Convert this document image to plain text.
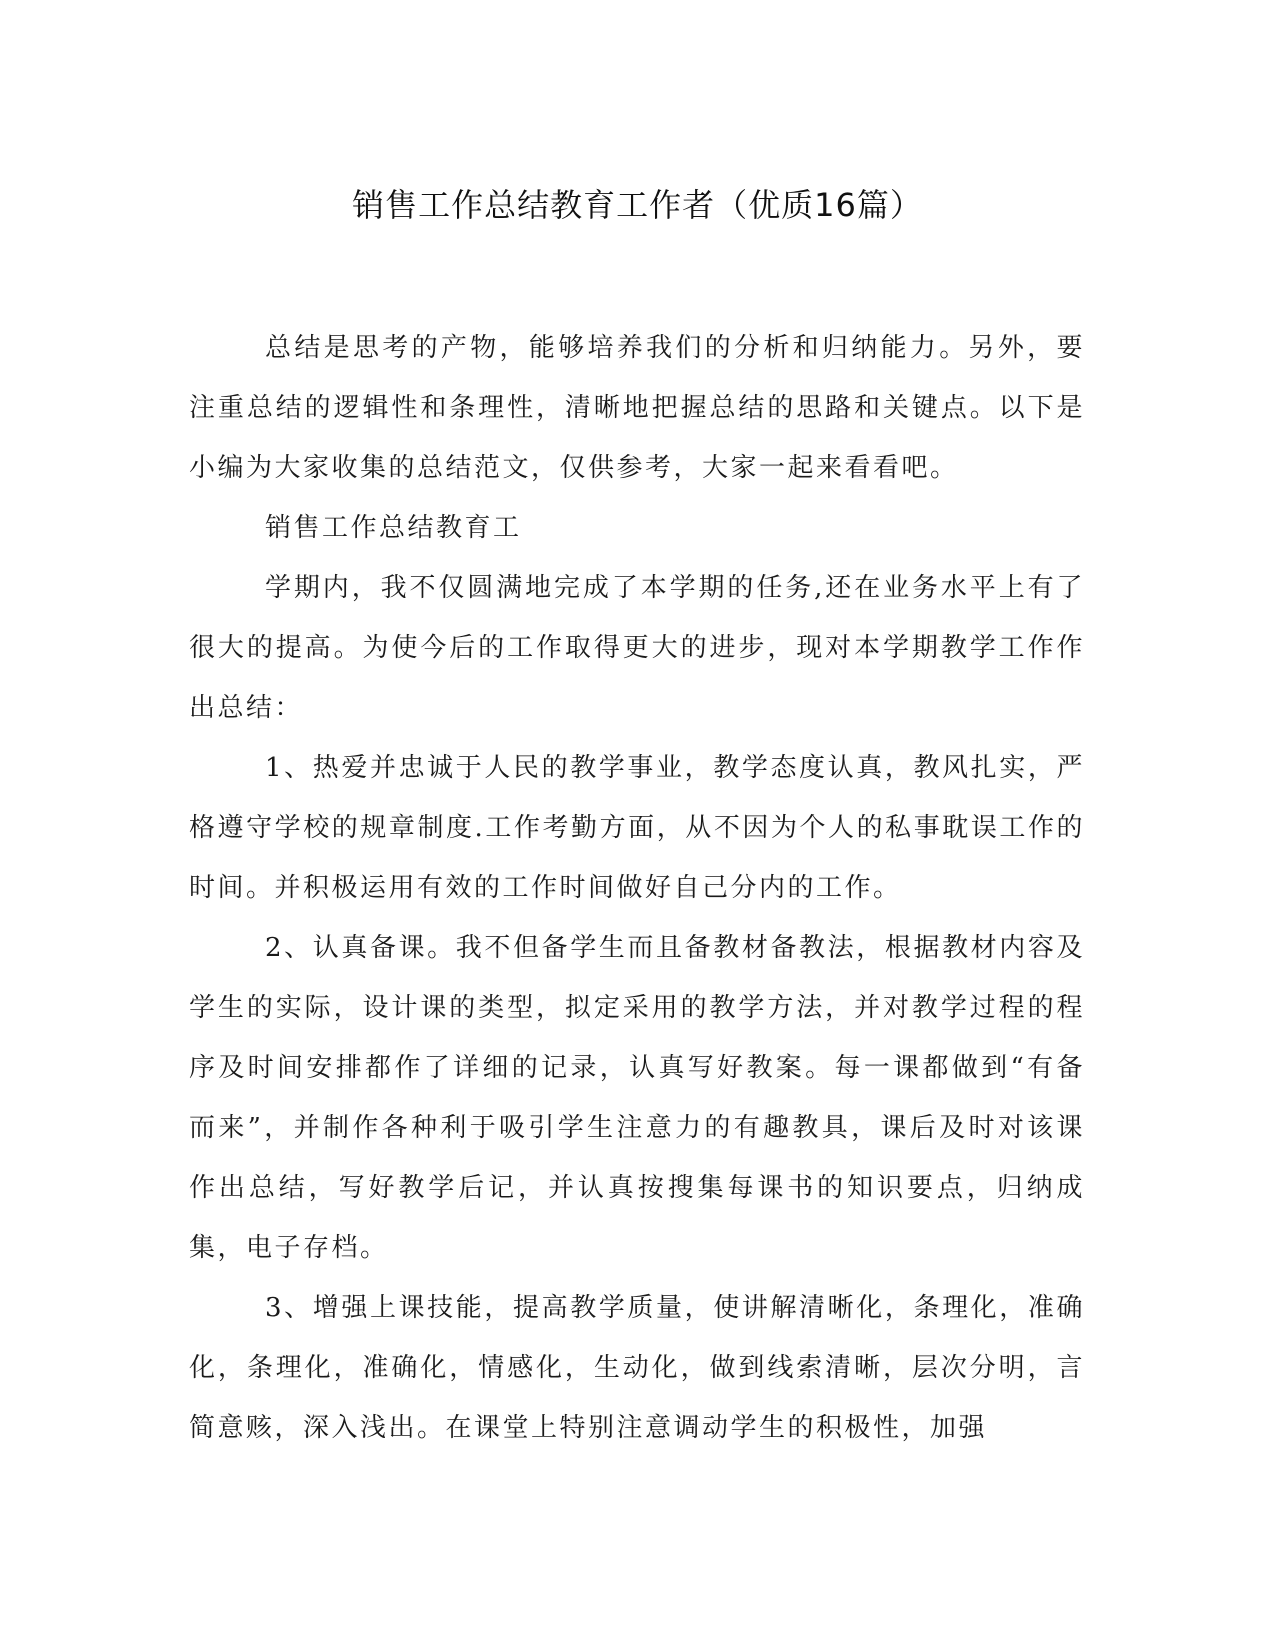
销售工作总结教育工作者（优质16篇）

总结是思考的产物，能够培养我们的分析和归纳能力。另外，要注重总结的逻辑性和条理性，清晰地把握总结的思路和关键点。以下是小编为大家收集的总结范文，仅供参考，大家一起来看看吧。

销售工作总结教育工

学期内，我不仅圆满地完成了本学期的任务,还在业务水平上有了很大的提高。为使今后的工作取得更大的进步，现对本学期教学工作作出总结：

1、热爱并忠诚于人民的教学事业，教学态度认真，教风扎实，严格遵守学校的规章制度.工作考勤方面，从不因为个人的私事耽误工作的时间。并积极运用有效的工作时间做好自己分内的工作。

2、认真备课。我不但备学生而且备教材备教法，根据教材内容及学生的实际，设计课的类型，拟定采用的教学方法，并对教学过程的程序及时间安排都作了详细的记录，认真写好教案。每一课都做到“有备而来”，并制作各种利于吸引学生注意力的有趣教具，课后及时对该课作出总结，写好教学后记，并认真按搜集每课书的知识要点，归纳成集，电子存档。

3、增强上课技能，提高教学质量，使讲解清晰化，条理化，准确化，条理化，准确化，情感化，生动化，做到线索清晰，层次分明，言简意赅，深入浅出。在课堂上特别注意调动学生的积极性，加强
